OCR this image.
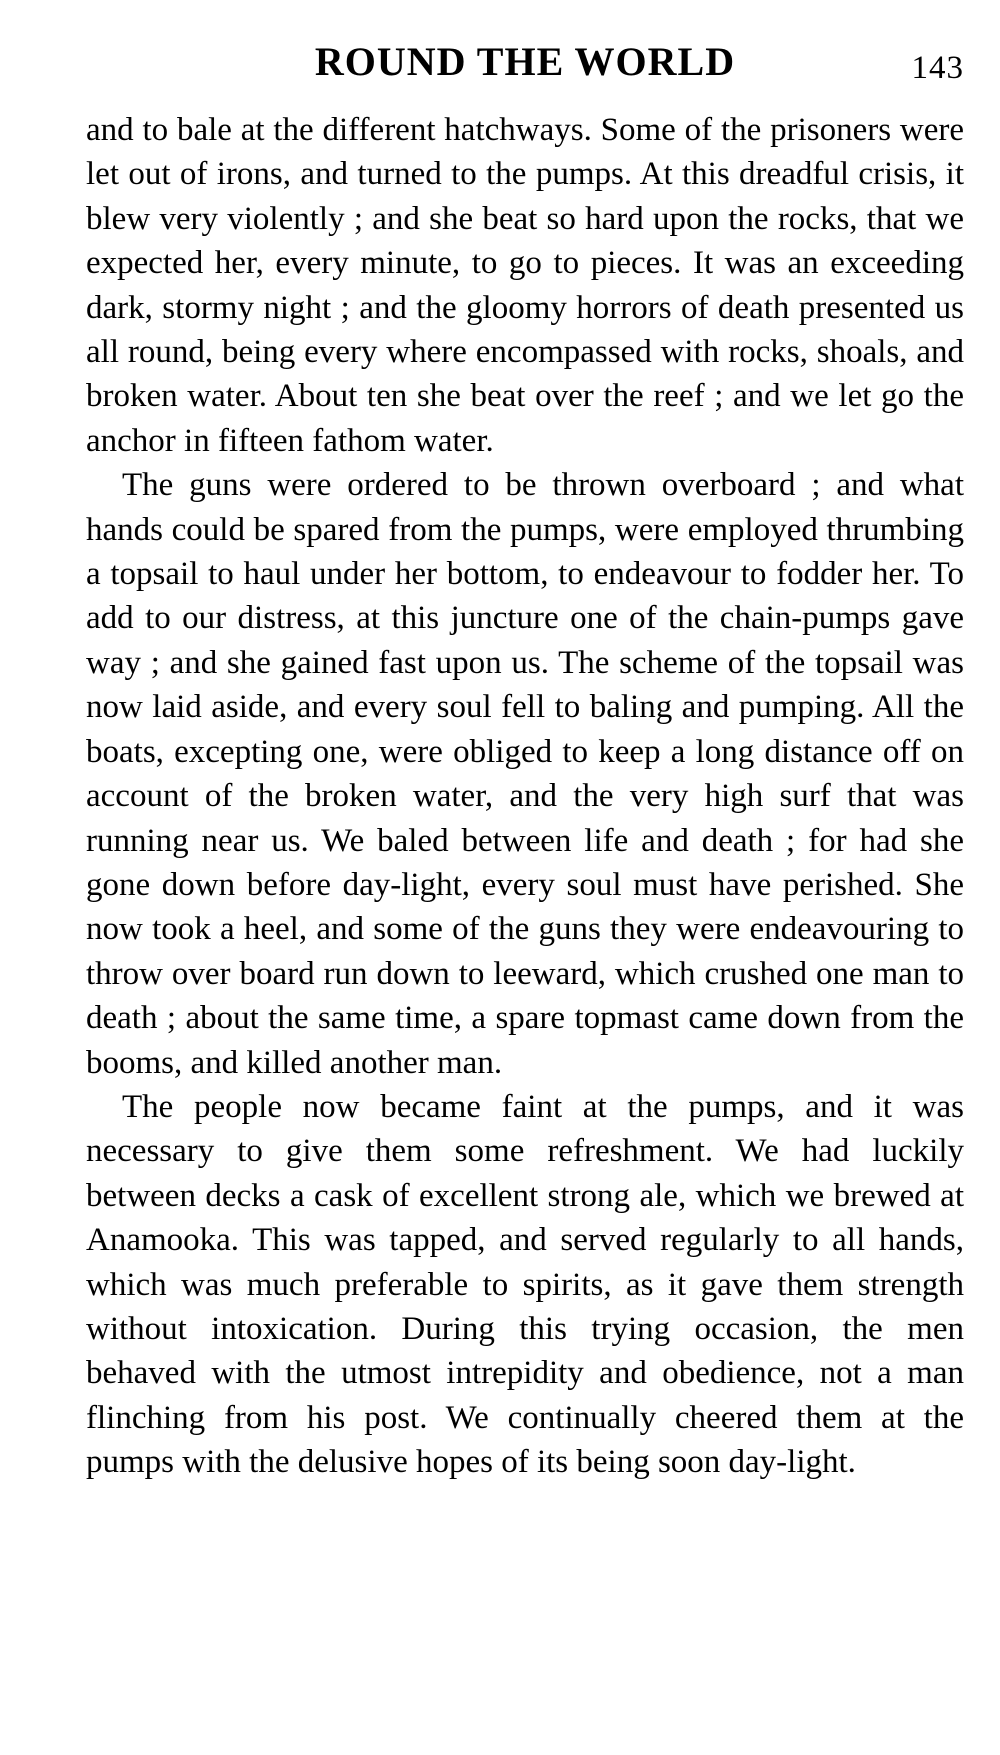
ROUND THE WORLD	143

and to bale at the different hatchways. Some of the prisoners were let out of irons, and turned to the pumps. At this dreadful crisis, it blew very violently ; and she beat so hard upon the rocks, that we expected her, every minute, to go to pieces. It was an exceeding dark, stormy night ; and the gloomy horrors of death presented us all round, being every where encompassed with rocks, shoals, and broken water. About ten she beat over the reef ; and we let go the anchor in fifteen fathom water.

The guns were ordered to be thrown overboard ; and what hands could be spared from the pumps, were employed thrumbing a topsail to haul under her bottom, to endeavour to fodder her. To add to our distress, at this juncture one of the chain-pumps gave way ; and she gained fast upon us. The scheme of the topsail was now laid aside, and every soul fell to baling and pumping. All the boats, excepting one, were obliged to keep a long distance off on account of the broken water, and the very high surf that was running near us. We baled between life and death ; for had she gone down before day-light, every soul must have perished. She now took a heel, and some of the guns they were endeavouring to throw over board run down to leeward, which crushed one man to death ; about the same time, a spare topmast came down from the booms, and killed another man.

The people now became faint at the pumps, and it was necessary to give them some refreshment. We had luckily between decks a cask of excellent strong ale, which we brewed at Anamooka. This was tapped, and served regularly to all hands, which was much preferable to spirits, as it gave them strength without intoxication. During this trying occasion, the men behaved with the utmost intrepidity and obedience, not a man flinching from his post. We continually cheered them at the pumps with the delusive hopes of its being soon day-light.
